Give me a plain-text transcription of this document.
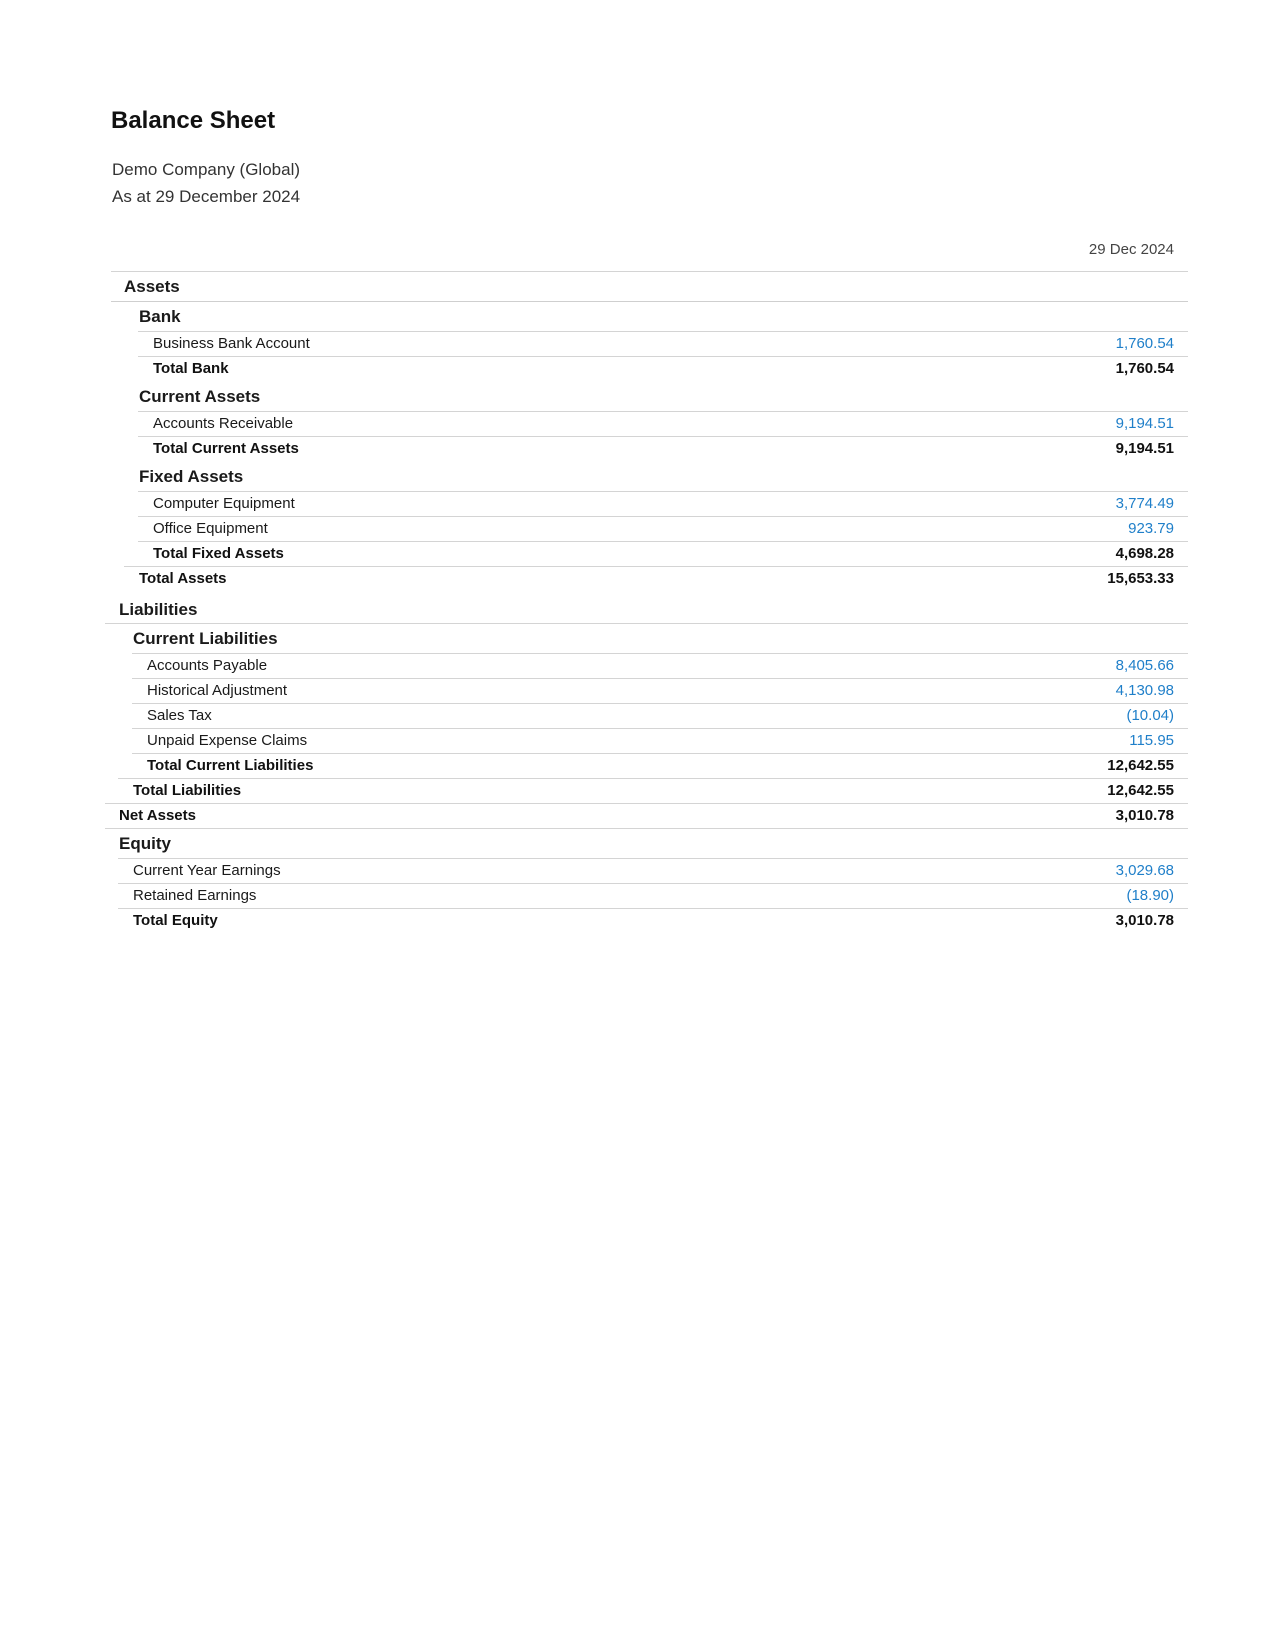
Balance Sheet
Demo Company (Global)
As at 29 December 2024
29 Dec 2024
Assets
Bank
Business Bank Account	1,760.54
Total Bank	1,760.54
Current Assets
Accounts Receivable	9,194.51
Total Current Assets	9,194.51
Fixed Assets
Computer Equipment	3,774.49
Office Equipment	923.79
Total Fixed Assets	4,698.28
Total Assets	15,653.33
Liabilities
Current Liabilities
Accounts Payable	8,405.66
Historical Adjustment	4,130.98
Sales Tax	(10.04)
Unpaid Expense Claims	115.95
Total Current Liabilities	12,642.55
Total Liabilities	12,642.55
Net Assets	3,010.78
Equity
Current Year Earnings	3,029.68
Retained Earnings	(18.90)
Total Equity	3,010.78
